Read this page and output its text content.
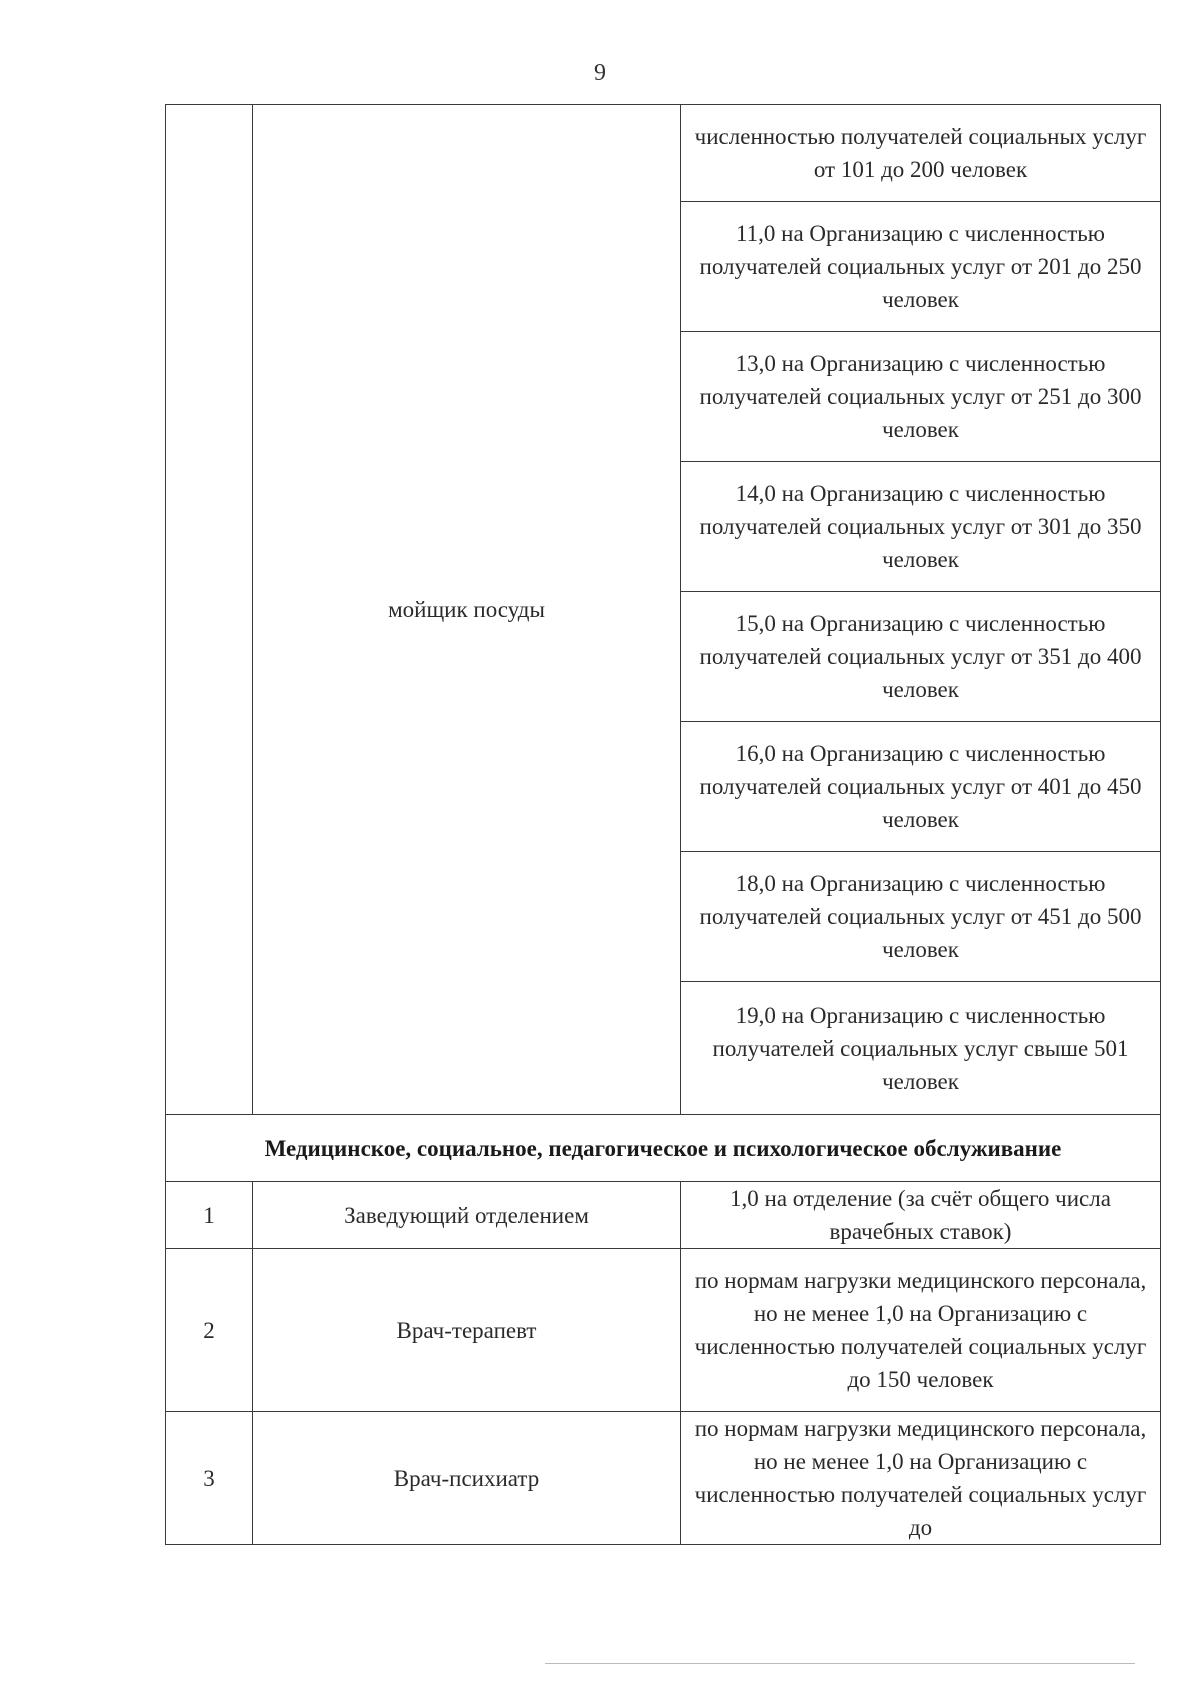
9
	мойщик посуды	численностью получателей социальных услуг от 101 до 200 человек
		11,0 на Организацию с численностью получателей социальных услуг от 201 до 250 человек
		13,0 на Организацию с численностью получателей социальных услуг от 251 до 300 человек
		14,0 на Организацию с численностью получателей социальных услуг от 301 до 350 человек
		15,0 на Организацию с численностью получателей социальных услуг от 351 до 400 человек
		16,0 на Организацию с численностью получателей социальных услуг от 401 до 450 человек
		18,0 на Организацию с численностью получателей социальных услуг от 451 до 500 человек
		19,0 на Организацию с численностью получателей социальных услуг свыше 501 человек
Медицинское, социальное, педагогическое и психологическое обслуживание		
1	Заведующий отделением	1,0 на отделение (за счёт общего числа врачебных ставок)
2	Врач-терапевт	по нормам нагрузки медицинского персонала, но не менее 1,0 на Организацию с численностью получателей социальных услуг до 150 человек
3	Врач-психиатр	по нормам нагрузки медицинского персонала, но не менее 1,0 на Организацию с численностью получателей социальных услуг до
